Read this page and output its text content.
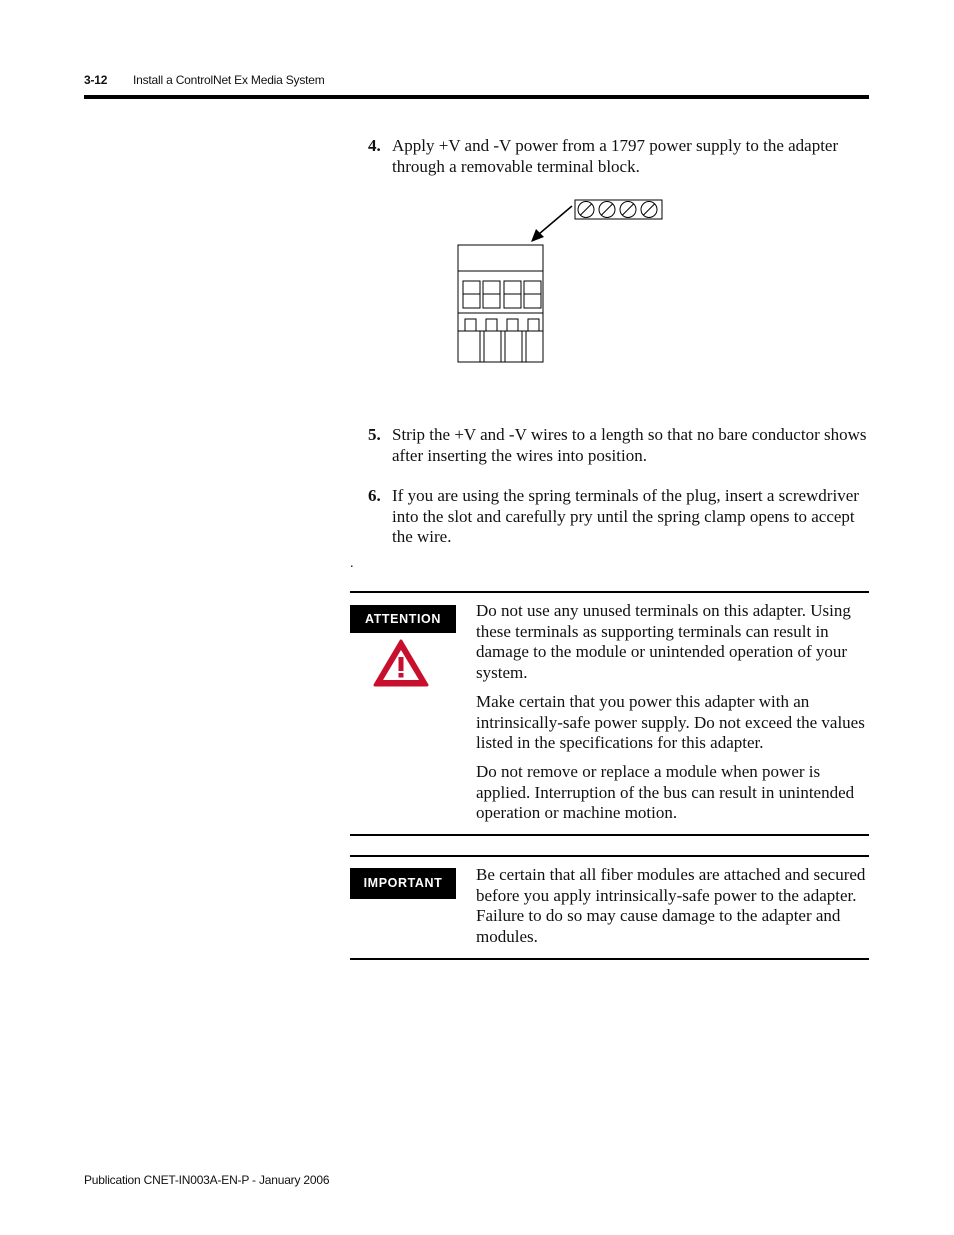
3-12 Install a ControlNet Ex Media System
4. Apply +V and -V power from a 1797 power supply to the adapter through a removable terminal block.
5. Strip the +V and -V wires to a length so that no bare conductor shows after inserting the wires into position.
6. If you are using the spring terminals of the plug, insert a screwdriver into the slot and carefully pry until the spring clamp opens to accept the wire.
.
ATTENTION	Do not use any unused terminals on this adapter. Using these terminals as supporting terminals can result in damage to the module or unintended operation of your system.

Make certain that you power this adapter with an intrinsically-safe power supply. Do not exceed the values listed in the specifications for this adapter.

Do not remove or replace a module when power is applied. Interruption of the bus can result in unintended operation or machine motion.

IMPORTANT	Be certain that all fiber modules are attached and secured before you apply intrinsically-safe power to the adapter. Failure to do so may cause damage to the adapter and modules.

Publication CNET-IN003A-EN-P - January 2006
